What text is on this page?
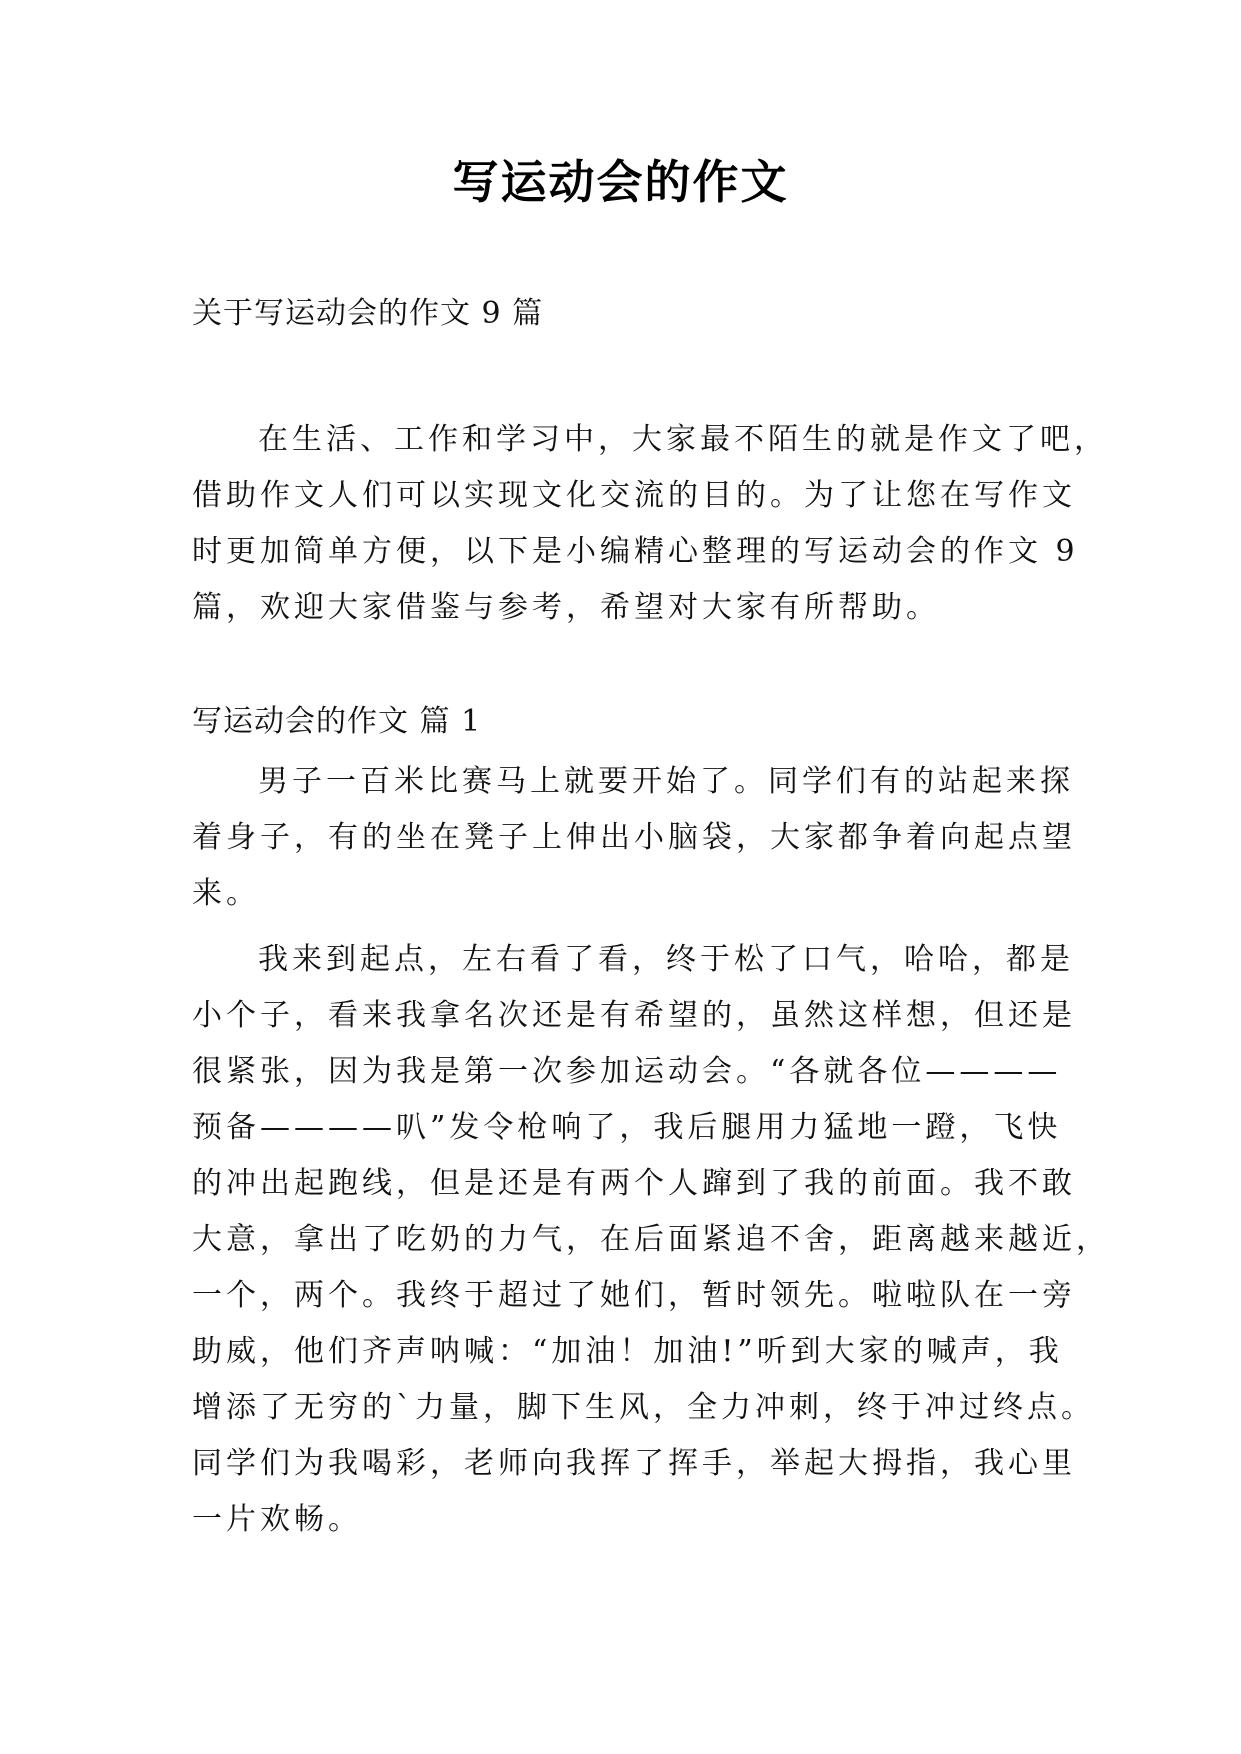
写运动会的作文
关于写运动会的作文 9 篇
在生活、工作和学习中，大家最不陌生的就是作文了吧，
借助作文人们可以实现文化交流的目的。为了让您在写作文
时更加简单方便，以下是小编精心整理的写运动会的作文 9
篇，欢迎大家借鉴与参考，希望对大家有所帮助。
写运动会的作文 篇 1
男子一百米比赛马上就要开始了。同学们有的站起来探
着身子，有的坐在凳子上伸出小脑袋，大家都争着向起点望
来。
我来到起点，左右看了看，终于松了口气，哈哈，都是
小个子，看来我拿名次还是有希望的，虽然这样想，但还是
很紧张，因为我是第一次参加运动会。“各就各位————
预备————叭”发令枪响了，我后腿用力猛地一蹬，飞快
的冲出起跑线，但是还是有两个人蹿到了我的前面。我不敢
大意，拿出了吃奶的力气，在后面紧追不舍，距离越来越近，
一个，两个。我终于超过了她们，暂时领先。啦啦队在一旁
助威，他们齐声呐喊：“加油！加油!”听到大家的喊声，我
增添了无穷的`力量，脚下生风，全力冲刺，终于冲过终点。
同学们为我喝彩，老师向我挥了挥手，举起大拇指，我心里
一片欢畅。
